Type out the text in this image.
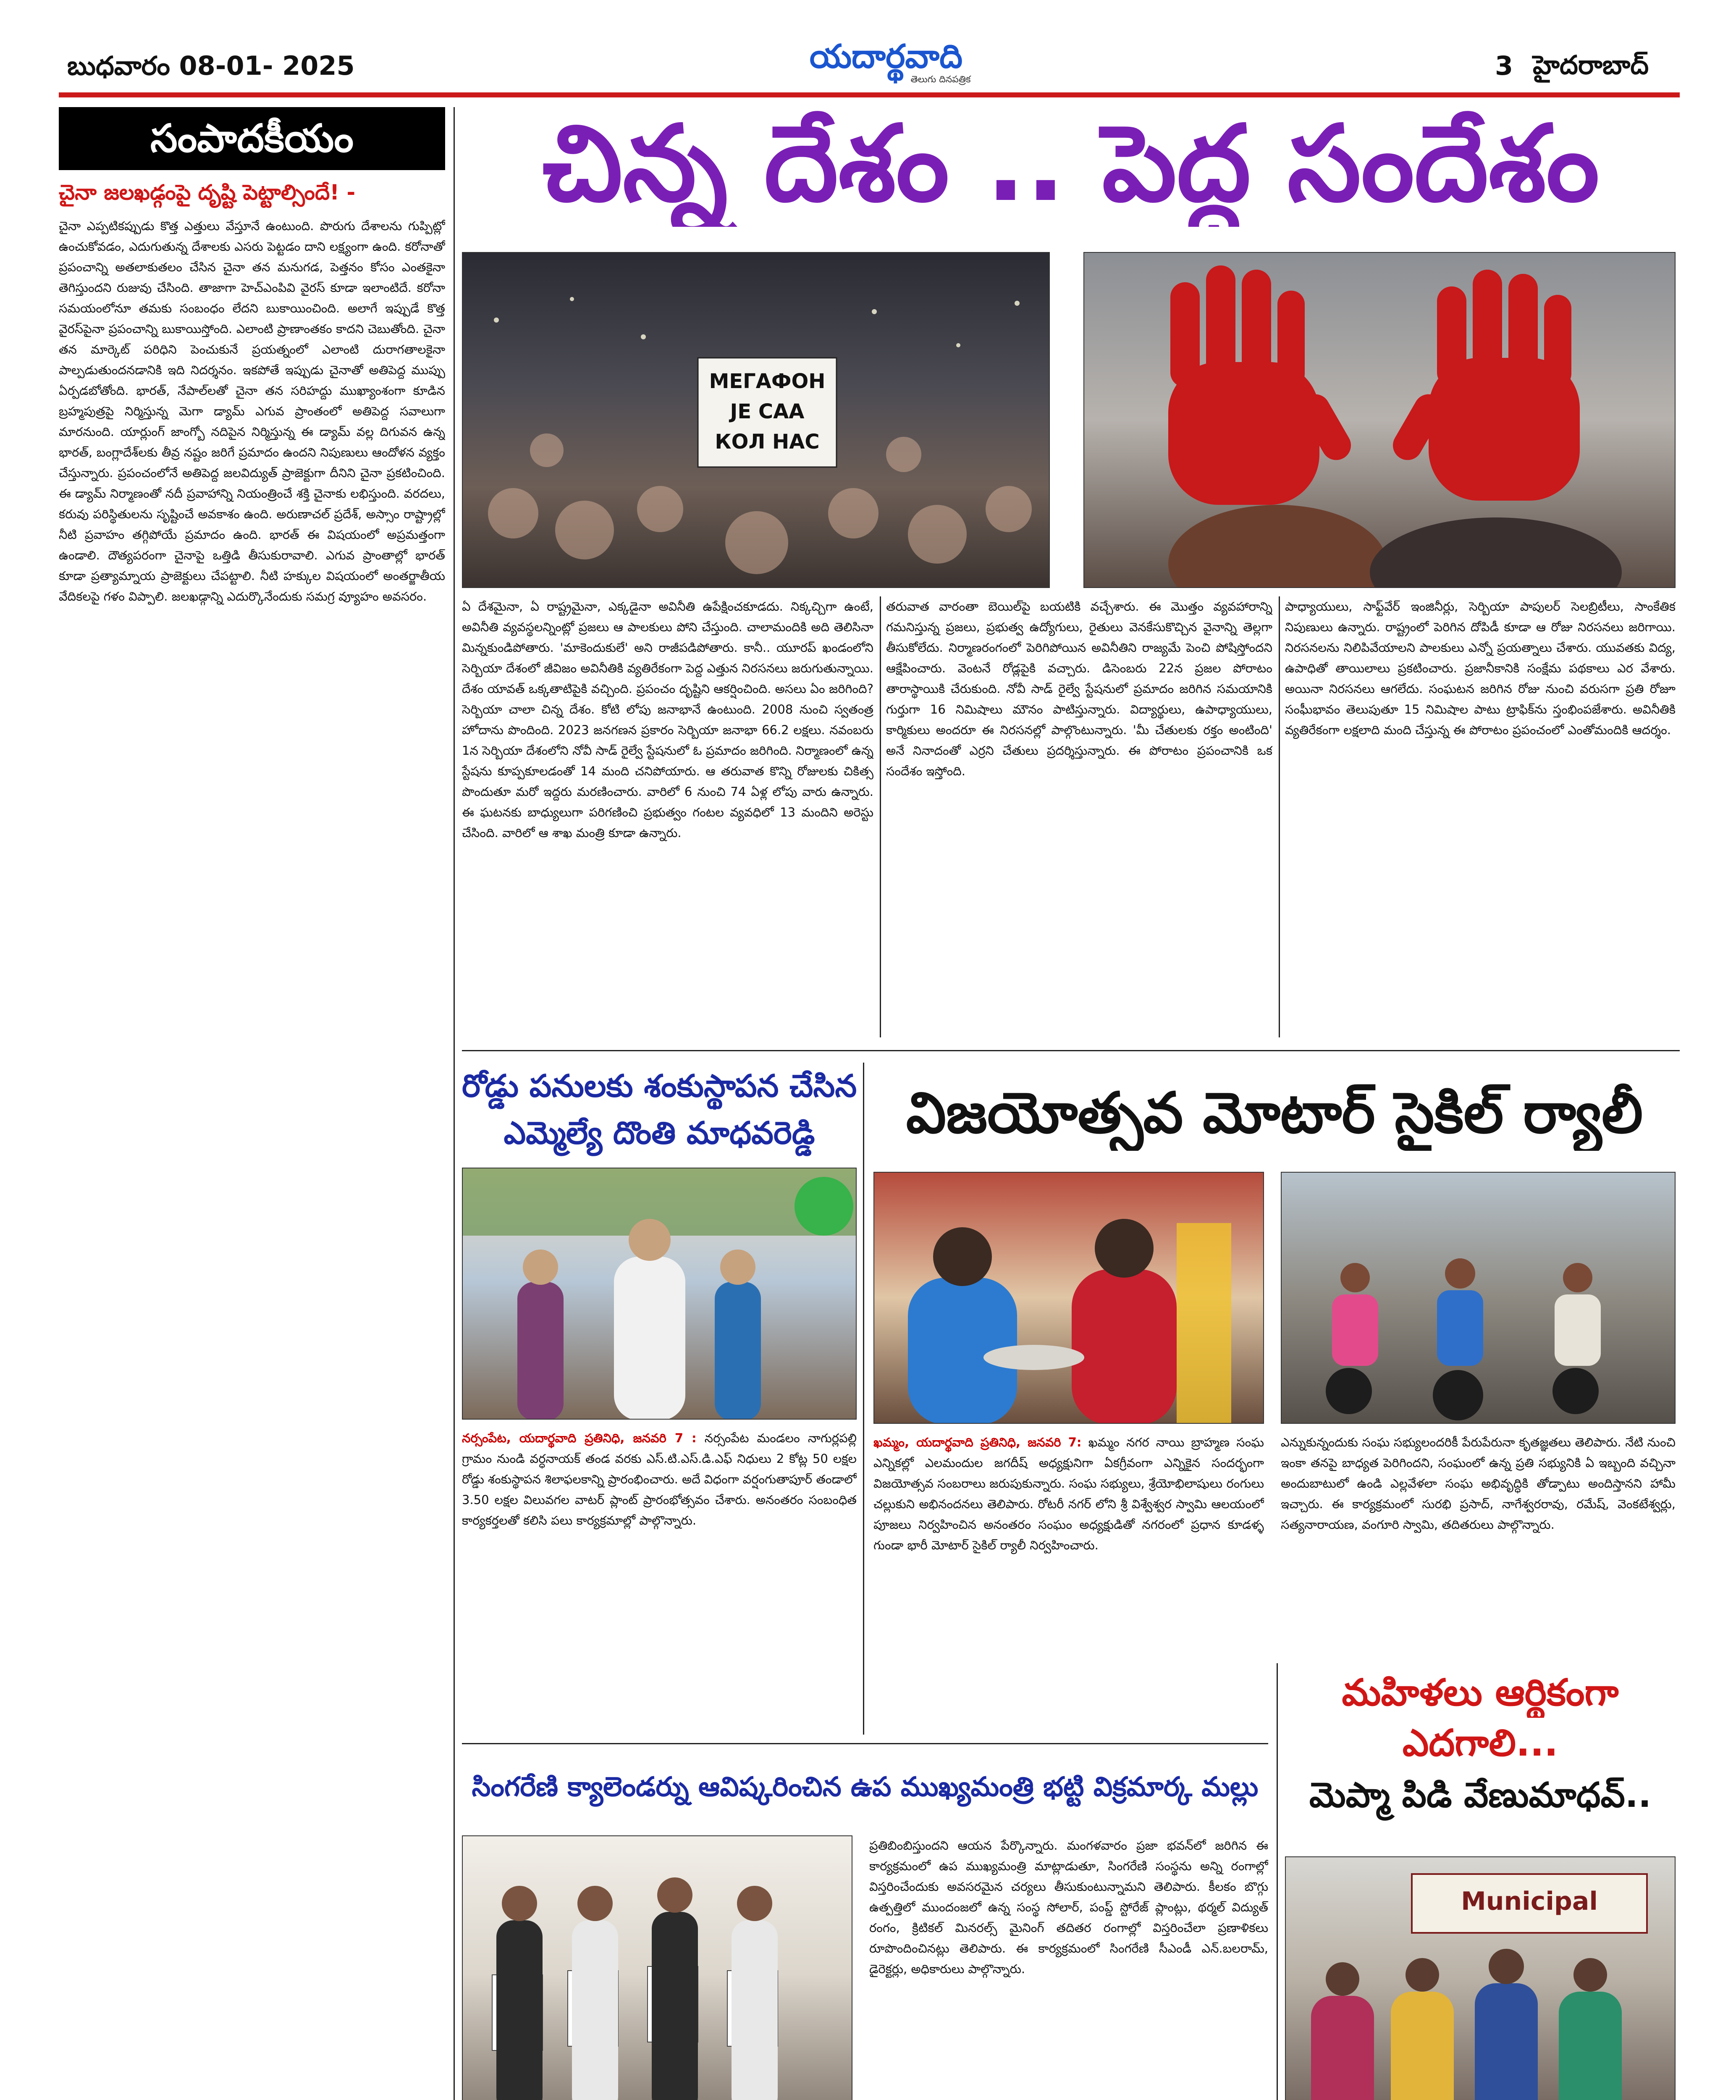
బుధవారం 08-01- 2025	యదార్థవాది
తెలుగు దినపత్రిక	3 హైదరాబాద్
సంపాదకీయం
చైనా జలఖడ్గంపై దృష్టి పెట్టాల్సిందే! -
చైనా ఎప్పటికప్పుడు కొత్త ఎత్తులు వేస్తూనే ఉంటుంది. పొరుగు దేశాలను గుప్పిట్లో ఉంచుకోవడం, ఎదుగుతున్న దేశాలకు ఎసరు పెట్టడం దాని లక్ష్యంగా ఉంది. కరోనాతో ప్రపంచాన్ని అతలాకుతలం చేసిన చైనా తన మనుగడ, పెత్తనం కోసం ఎంతకైనా తెగిస్తుందని రుజువు చేసింది. తాజాగా హెచ్‌ఎంపివి వైరస్‌ కూడా ఇలాంటిదే. కరోనా సమయంలోనూ తమకు సంబంధం లేదని బుకాయించింది. అలాగే ఇప్పుడే కొత్త వైరస్‌పైనా ప్రపంచాన్ని బుకాయిస్తోంది. ఎలాంటి ప్రాణాంతకం కాదని చెబుతోంది. చైనా తన మార్కెట్‌ పరిధిని పెంచుకునే ప్రయత్నంలో ఎలాంటి దురాగతాలకైనా పాల్పడుతుందనడానికి ఇది నిదర్శనం. ఇకపోతే ఇప్పుడు చైనాతో అతిపెద్ద ముప్పు ఏర్పడబోతోంది. భారత్‌, నేపాల్‌లతో చైనా తన సరిహద్దు ముఖ్యాంశంగా కూడిన బ్రహ్మపుత్రపై నిర్మిస్తున్న మెగా డ్యామ్‌ ఎగువ ప్రాంతంలో అతిపెద్ద సవాలుగా మారనుంది. యార్లుంగ్‌ జాంగ్బో నదిపైన నిర్మిస్తున్న ఈ డ్యామ్‌ వల్ల దిగువన ఉన్న భారత్‌, బంగ్లాదేశ్‌లకు తీవ్ర నష్టం జరిగే ప్రమాదం ఉందని నిపుణులు ఆందోళన వ్యక్తం చేస్తున్నారు. ప్రపంచంలోనే అతిపెద్ద జలవిద్యుత్‌ ప్రాజెక్టుగా దీనిని చైనా ప్రకటించింది. ఈ డ్యామ్‌ నిర్మాణంతో నదీ ప్రవాహాన్ని నియంత్రించే శక్తి చైనాకు లభిస్తుంది. వరదలు, కరువు పరిస్థితులను సృష్టించే అవకాశం ఉంది. అరుణాచల్‌ ప్రదేశ్‌, అస్సాం రాష్ట్రాల్లో నీటి ప్రవాహం తగ్గిపోయే ప్రమాదం ఉంది. భారత్‌ ఈ విషయంలో అప్రమత్తంగా ఉండాలి. దౌత్యపరంగా చైనాపై ఒత్తిడి తీసుకురావాలి. ఎగువ ప్రాంతాల్లో భారత్‌ కూడా ప్రత్యామ్నాయ ప్రాజెక్టులు చేపట్టాలి. నీటి హక్కుల విషయంలో అంతర్జాతీయ వేదికలపై గళం విప్పాలి. జలఖడ్గాన్ని ఎదుర్కొనేందుకు సమగ్ర వ్యూహం అవసరం.
చిన్న దేశం .. పెద్ద సందేశం
МЕГАФОН
ЈЕ САА
КОЛ НАС
ఏ దేశమైనా, ఏ రాష్ట్రమైనా, ఎక్కడైనా అవినీతి ఉపేక్షించకూడదు. నిక్కచ్చిగా ఉంటే, అవినీతి వ్యవస్థలన్నింట్లో ప్రజలు ఆ పాలకులు పోని చేస్తుంది. చాలామందికి అది తెలిసినా మిన్నకుండిపోతారు. 'మాకెందుకులే' అని రాజీపడిపోతారు. కానీ.. యూరప్‌ ఖండంలోని సెర్బియా దేశంలో జీవిజం అవినీతికి వ్యతిరేకంగా పెద్ద ఎత్తున నిరసనలు జరుగుతున్నాయి. దేశం యావత్‌ ఒక్కతాటిపైకి వచ్చింది. ప్రపంచం దృష్టిని ఆకర్షించింది. అసలు ఏం జరిగింది? సెర్బియా చాలా చిన్న దేశం. కోటి లోపు జనాభానే ఉంటుంది. 2008 నుంచి స్వతంత్ర హోదాను పొందింది. 2023 జనగణన ప్రకారం సెర్బియా జనాభా 66.2 లక్షలు. నవంబరు 1న సెర్బియా దేశంలోని నోవీ సాడ్‌ రైల్వే స్టేషనులో ఓ ప్రమాదం జరిగింది. నిర్మాణంలో ఉన్న స్టేషను కూప్పకూలడంతో 14 మంది చనిపోయారు. ఆ తరువాత కొన్ని రోజులకు చికిత్స పొందుతూ మరో ఇద్దరు మరణించారు. వారిలో 6 నుంచి 74 ఏళ్ల లోపు వారు ఉన్నారు. ఈ ఘటనకు బాధ్యులుగా పరిగణించి ప్రభుత్వం గంటల వ్యవధిలో 13 మందిని అరెస్టు చేసింది. వారిలో ఆ శాఖ మంత్రి కూడా ఉన్నారు.
తరువాత వారంతా బెయిల్‌పై బయటికి వచ్చేశారు. ఈ మొత్తం వ్యవహారాన్ని గమనిస్తున్న ప్రజలు, ప్రభుత్వ ఉద్యోగులు, రైతులు వెనకేసుకొచ్చిన వైనాన్ని తెల్లగా తీసుకోలేదు. నిర్మాణరంగంలో పెరిగిపోయిన అవినీతిని రాజ్యమే పెంచి పోషిస్తోందని ఆక్షేపించారు. వెంటనే రోడ్లపైకి వచ్చారు. డిసెంబరు 22న ప్రజల పోరాటం తారాస్థాయికి చేరుకుంది. నోవీ సాడ్‌ రైల్వే స్టేషనులో ప్రమాదం జరిగిన సమయానికి గుర్తుగా 16 నిమిషాలు మౌనం పాటిస్తున్నారు. విద్యార్థులు, ఉపాధ్యాయులు, కార్మికులు అందరూ ఈ నిరసనల్లో పాల్గొంటున్నారు. 'మీ చేతులకు రక్తం అంటింది' అనే నినాదంతో ఎర్రని చేతులు ప్రదర్శిస్తున్నారు. ఈ పోరాటం ప్రపంచానికి ఒక సందేశం ఇస్తోంది.
పాధ్యాయులు, సాఫ్ట్‌వేర్‌ ఇంజినీర్లు, సెర్బియా పాపులర్‌ సెలబ్రిటీలు, సాంకేతిక నిపుణులు ఉన్నారు. రాష్ట్రంలో పెరిగిన దోపిడీ కూడా ఆ రోజు నిరసనలు జరిగాయి. నిరసనలను నిలిపివేయాలని పాలకులు ఎన్నో ప్రయత్నాలు చేశారు. యువతకు విద్య, ఉపాధితో తాయిలాలు ప్రకటించారు. ప్రజానీకానికి సంక్షేమ పథకాలు ఎర వేశారు. అయినా నిరసనలు ఆగలేదు. సంఘటన జరిగిన రోజు నుంచి వరుసగా ప్రతి రోజూ సంఘీభావం తెలుపుతూ 15 నిమిషాల పాటు ట్రాఫిక్‌ను స్తంభింపజేశారు. అవినీతికి వ్యతిరేకంగా లక్షలాది మంది చేస్తున్న ఈ పోరాటం ప్రపంచంలో ఎంతోమందికి ఆదర్శం.
రోడ్డు పనులకు శంకుస్థాపన చేసిన
ఎమ్మెల్యే దొంతి మాధవరెడ్డి
నర్సంపేట, యదార్థవాది ప్రతినిధి, జనవరి 7 : నర్సంపేట మండలం నాగుర్లపల్లి గ్రామం నుండి వర్ధనాయక్‌ తండ వరకు ఎస్‌.టి.ఎస్‌.డి.ఎఫ్‌ నిధులు 2 కోట్ల 50 లక్షల రోడ్డు శంకుస్థాపన శిలాఫలకాన్ని ప్రారంభించారు. అదే విధంగా వర్షంగుతాపూర్‌ తండాలో 3.50 లక్షల విలువగల వాటర్‌ ప్లాంట్‌ ప్రారంభోత్సవం చేశారు. అనంతరం సంబంధిత కార్యకర్తలతో కలిసి పలు కార్యక్రమాల్లో పాల్గొన్నారు.
విజయోత్సవ మోటార్ సైకిల్ ర్యాలీ
ఖమ్మం, యదార్థవాది ప్రతినిధి, జనవరి 7: ఖమ్మం నగర నాయి బ్రాహ్మణ సంఘ ఎన్నికల్లో ఎలమందుల జగదీష్‌ అధ్యక్షునిగా ఏకగ్రీవంగా ఎన్నికైన సందర్భంగా విజయోత్సవ సంబరాలు జరుపుకున్నారు. సంఘ సభ్యులు, శ్రేయోభిలాషులు రంగులు చల్లుకుని అభినందనలు తెలిపారు. రోటరీ నగర్‌ లోని శ్రీ విశ్వేశ్వర స్వామి ఆలయంలో పూజలు నిర్వహించిన అనంతరం సంఘం అధ్యక్షుడితో నగరంలో ప్రధాన కూడళ్ళ గుండా భారీ మోటార్‌ సైకిల్‌ ర్యాలీ నిర్వహించారు.
ఎన్నుకున్నందుకు సంఘ సభ్యులందరికీ పేరుపేరునా కృతజ్ఞతలు తెలిపారు. నేటి నుంచి ఇంకా తనపై బాధ్యత పెరిగిందని, సంఘంలో ఉన్న ప్రతి సభ్యునికి ఏ ఇబ్బంది వచ్చినా అందుబాటులో ఉండి ఎల్లవేళలా సంఘ అభివృద్ధికి తోడ్పాటు అందిస్తానని హామీ ఇచ్చారు. ఈ కార్యక్రమంలో సురభి ప్రసాద్‌, నాగేశ్వరరావు, రమేష్‌, వెంకటేశ్వర్లు, సత్యనారాయణ, వంగూరి స్వామి, తదితరులు పాల్గొన్నారు.
మహిళలు ఆర్థికంగా
ఎదగాలి...
మెప్మా పిడి వేణుమాధవ్..
Municipal
సింగరేణి క్యాలెండర్ను ఆవిష్కరించిన ఉప ముఖ్యమంత్రి భట్టి విక్రమార్క మల్లు
ప్రతిబింబిస్తుందని ఆయన పేర్కొన్నారు. మంగళవారం ప్రజా భవన్‌లో జరిగిన ఈ కార్యక్రమంలో ఉప ముఖ్యమంత్రి మాట్లాడుతూ, సింగరేణి సంస్థను అన్ని రంగాల్లో విస్తరించేందుకు అవసరమైన చర్యలు తీసుకుంటున్నామని తెలిపారు. కీలకం బొగ్గు ఉత్పత్తిలో ముందంజలో ఉన్న సంస్థ సోలార్‌, పంప్డ్‌ స్టోరేజ్‌ ప్లాంట్లు, థర్మల్‌ విద్యుత్‌ రంగం, క్రిటికల్‌ మినరల్స్‌ మైనింగ్‌ తదితర రంగాల్లో విస్తరించేలా ప్రణాళికలు రూపొందించినట్లు తెలిపారు. ఈ కార్యక్రమంలో సింగరేణి సీఎండీ ఎన్‌.బలరామ్‌, డైరెక్టర్లు, అధికారులు పాల్గొన్నారు.
